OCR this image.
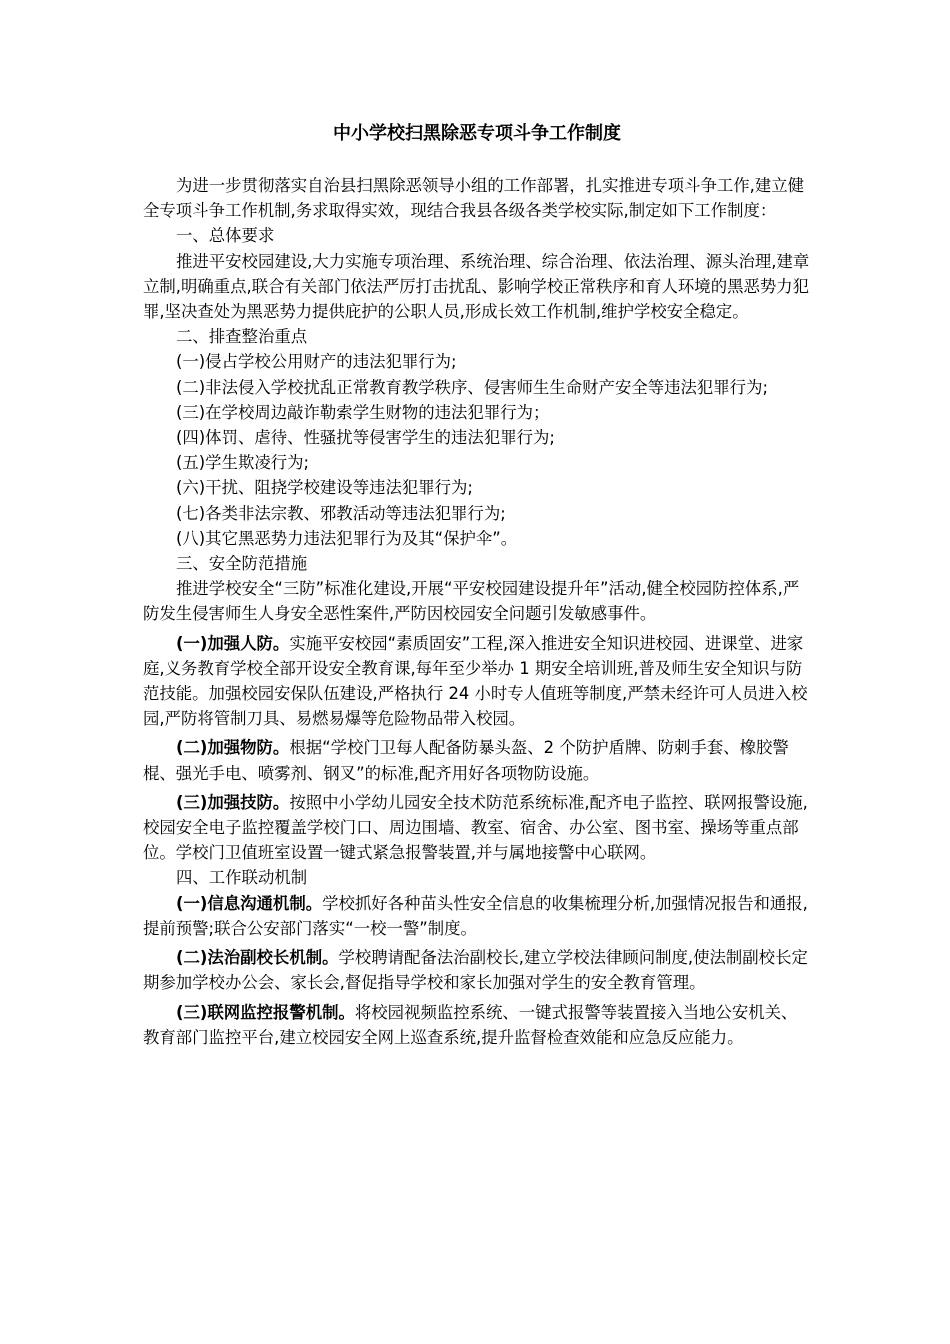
中小学校扫黑除恶专项斗争工作制度

为进一步贯彻落实自治县扫黑除恶领导小组的工作部署，扎实推进专项斗争工作,建立健全专项斗争工作机制,务求取得实效，现结合我县各级各类学校实际,制定如下工作制度：

一、总体要求

推进平安校园建设,大力实施专项治理、系统治理、综合治理、依法治理、源头治理,建章立制,明确重点,联合有关部门依法严厉打击扰乱、影响学校正常秩序和育人环境的黑恶势力犯罪,坚决查处为黑恶势力提供庇护的公职人员,形成长效工作机制,维护学校安全稳定。

二、排查整治重点

(一)侵占学校公用财产的违法犯罪行为;

(二)非法侵入学校扰乱正常教育教学秩序、侵害师生生命财产安全等违法犯罪行为;

(三)在学校周边敲诈勒索学生财物的违法犯罪行为；

(四)体罚、虐待、性骚扰等侵害学生的违法犯罪行为;

(五)学生欺凌行为;

(六)干扰、阻挠学校建设等违法犯罪行为;

(七)各类非法宗教、邪教活动等违法犯罪行为;

(八)其它黑恶势力违法犯罪行为及其“保护伞”。

三、安全防范措施

推进学校安全“三防”标准化建设,开展“平安校园建设提升年”活动,健全校园防控体系,严防发生侵害师生人身安全恶性案件,严防因校园安全问题引发敏感事件。

(一)加强人防。实施平安校园“素质固安”工程,深入推进安全知识进校园、进课堂、进家庭,义务教育学校全部开设安全教育课,每年至少举办 1 期安全培训班,普及师生安全知识与防范技能。加强校园安保队伍建设,严格执行 24 小时专人值班等制度,严禁未经许可人员进入校园,严防将管制刀具、易燃易爆等危险物品带入校园。

(二)加强物防。根据“学校门卫每人配备防暴头盔、2 个防护盾牌、防刺手套、橡胶警棍、强光手电、喷雾剂、钢叉”的标准,配齐用好各项物防设施。

(三)加强技防。按照中小学幼儿园安全技术防范系统标准,配齐电子监控、联网报警设施,校园安全电子监控覆盖学校门口、周边围墙、教室、宿舍、办公室、图书室、操场等重点部位。学校门卫值班室设置一键式紧急报警装置,并与属地接警中心联网。

四、工作联动机制

(一)信息沟通机制。学校抓好各种苗头性安全信息的收集梳理分析,加强情况报告和通报,提前预警;联合公安部门落实“一校一警”制度。

(二)法治副校长机制。学校聘请配备法治副校长,建立学校法律顾问制度,使法制副校长定期参加学校办公会、家长会,督促指导学校和家长加强对学生的安全教育管理。

(三)联网监控报警机制。将校园视频监控系统、一键式报警等装置接入当地公安机关、教育部门监控平台,建立校园安全网上巡查系统,提升监督检查效能和应急反应能力。
